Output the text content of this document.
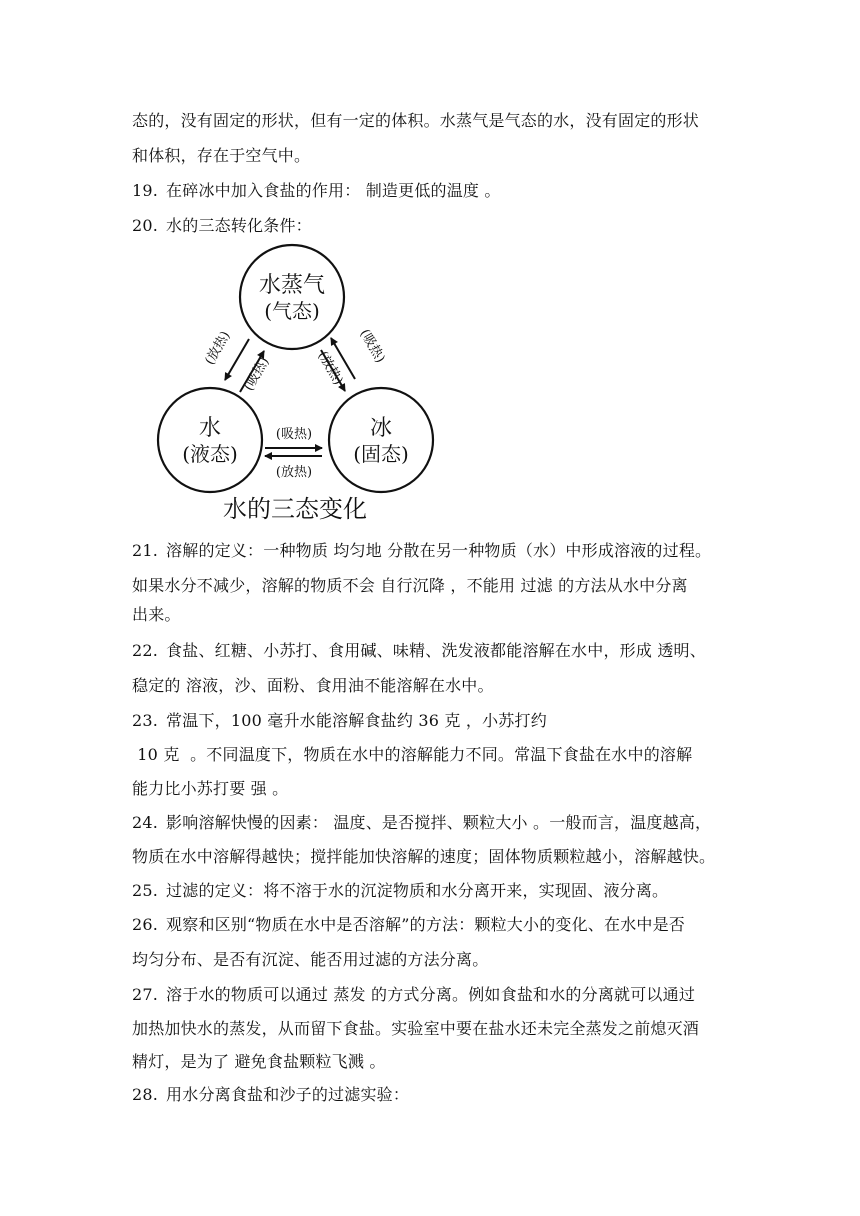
态的，没有固定的形状，但有一定的体积。水蒸气是气态的水，没有固定的形状
和体积，存在于空气中。
19. 在碎冰中加入食盐的作用： 制造更低的温度 。
20. 水的三态转化条件：
水蒸气
(气态)
水
(液态)
冰
(固态)
(放热)
(吸热)
(吸热)
(放热)
(吸热)
(放热)
水的三态变化
21. 溶解的定义：一种物质 均匀地 分散在另一种物质（水）中形成溶液的过程。
如果水分不减少，溶解的物质不会 自行沉降 ，不能用 过滤 的方法从水中分离
出来。
22. 食盐、红糖、小苏打、食用碱、味精、洗发液都能溶解在水中，形成 透明、
稳定的 溶液，沙、面粉、食用油不能溶解在水中。
23. 常温下，100 毫升水能溶解食盐约 36 克 ，小苏打约
10 克  。不同温度下，物质在水中的溶解能力不同。常温下食盐在水中的溶解
能力比小苏打要 强 。
24. 影响溶解快慢的因素： 温度、是否搅拌、颗粒大小 。一般而言，温度越高，
物质在水中溶解得越快；搅拌能加快溶解的速度；固体物质颗粒越小，溶解越快。
25. 过滤的定义：将不溶于水的沉淀物质和水分离开来，实现固、液分离。
26. 观察和区别“物质在水中是否溶解”的方法：颗粒大小的变化、在水中是否
均匀分布、是否有沉淀、能否用过滤的方法分离。
27. 溶于水的物质可以通过 蒸发 的方式分离。例如食盐和水的分离就可以通过
加热加快水的蒸发，从而留下食盐。实验室中要在盐水还未完全蒸发之前熄灭酒
精灯，是为了 避免食盐颗粒飞溅 。
28. 用水分离食盐和沙子的过滤实验：
